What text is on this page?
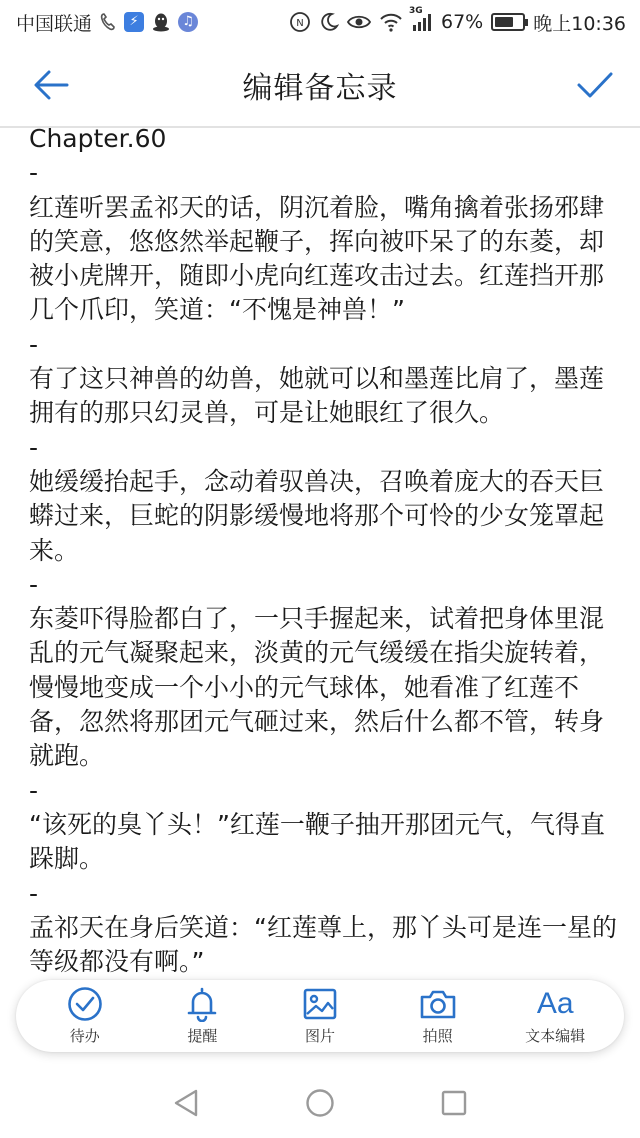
中国联通	⚡	♫	N
3G 67%	晚上10:36
编辑备忘录

Chapter.60

-

红莲听罢孟祁天的话，阴沉着脸，嘴角擒着张扬邪肆的笑意，悠悠然举起鞭子，挥向被吓呆了的东菱，却被小虎牌开，随即小虎向红莲攻击过去。红莲挡开那几个爪印，笑道：“不愧是神兽！”

-

有了这只神兽的幼兽，她就可以和墨莲比肩了，墨莲拥有的那只幻灵兽，可是让她眼红了很久。

-

她缓缓抬起手，念动着驭兽决，召唤着庞大的吞天巨蟒过来，巨蛇的阴影缓慢地将那个可怜的少女笼罩起来。

-

东菱吓得脸都白了，一只手握起来，试着把身体里混乱的元气凝聚起来，淡黄的元气缓缓在指尖旋转着，慢慢地变成一个小小的元气球体，她看准了红莲不备，忽然将那团元气砸过来，然后什么都不管，转身就跑。

-

“该死的臭丫头！”红莲一鞭子抽开那团元气，气得直跺脚。

-

孟祁天在身后笑道：“红莲尊上，那丫头可是连一星的等级都没有啊。”

待办	提醒	图片	拍照
Aa
文本编辑
